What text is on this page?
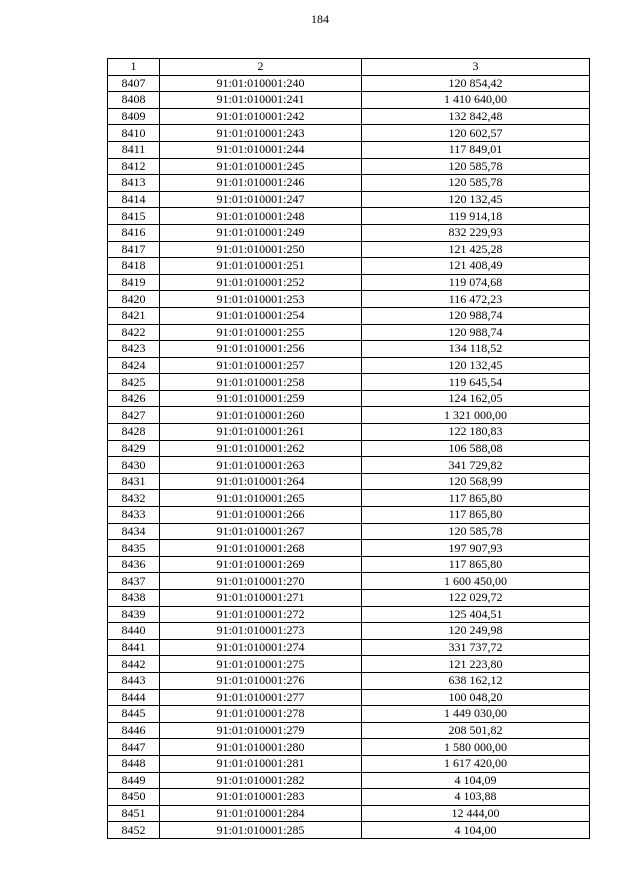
184
1	2	3
8407	91:01:010001:240	120 854,42
8408	91:01:010001:241	1 410 640,00
8409	91:01:010001:242	132 842,48
8410	91:01:010001:243	120 602,57
8411	91:01:010001:244	117 849,01
8412	91:01:010001:245	120 585,78
8413	91:01:010001:246	120 585,78
8414	91:01:010001:247	120 132,45
8415	91:01:010001:248	119 914,18
8416	91:01:010001:249	832 229,93
8417	91:01:010001:250	121 425,28
8418	91:01:010001:251	121 408,49
8419	91:01:010001:252	119 074,68
8420	91:01:010001:253	116 472,23
8421	91:01:010001:254	120 988,74
8422	91:01:010001:255	120 988,74
8423	91:01:010001:256	134 118,52
8424	91:01:010001:257	120 132,45
8425	91:01:010001:258	119 645,54
8426	91:01:010001:259	124 162,05
8427	91:01:010001:260	1 321 000,00
8428	91:01:010001:261	122 180,83
8429	91:01:010001:262	106 588,08
8430	91:01:010001:263	341 729,82
8431	91:01:010001:264	120 568,99
8432	91:01:010001:265	117 865,80
8433	91:01:010001:266	117 865,80
8434	91:01:010001:267	120 585,78
8435	91:01:010001:268	197 907,93
8436	91:01:010001:269	117 865,80
8437	91:01:010001:270	1 600 450,00
8438	91:01:010001:271	122 029,72
8439	91:01:010001:272	125 404,51
8440	91:01:010001:273	120 249,98
8441	91:01:010001:274	331 737,72
8442	91:01:010001:275	121 223,80
8443	91:01:010001:276	638 162,12
8444	91:01:010001:277	100 048,20
8445	91:01:010001:278	1 449 030,00
8446	91:01:010001:279	208 501,82
8447	91:01:010001:280	1 580 000,00
8448	91:01:010001:281	1 617 420,00
8449	91:01:010001:282	4 104,09
8450	91:01:010001:283	4 103,88
8451	91:01:010001:284	12 444,00
8452	91:01:010001:285	4 104,00
